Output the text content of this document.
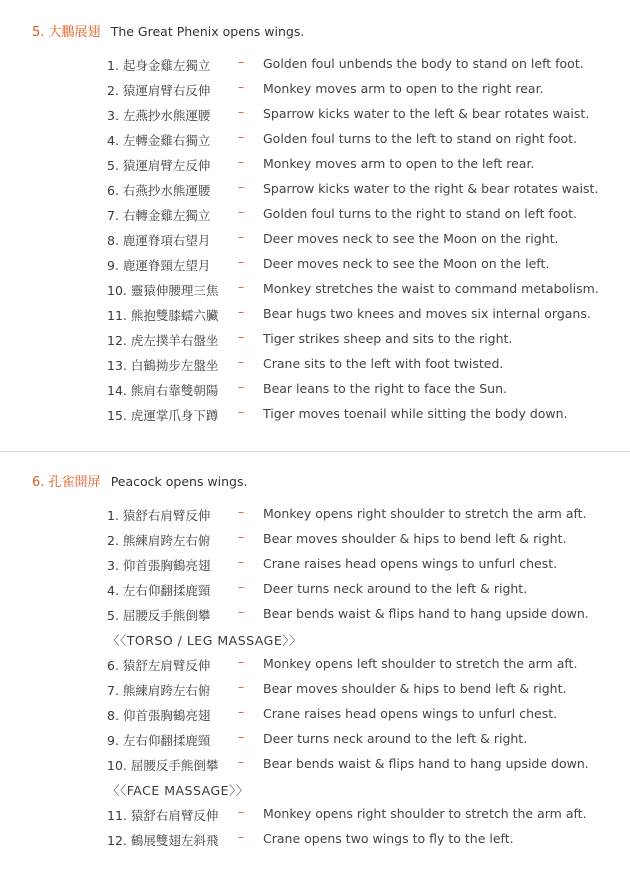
5. 大鵬展翅 The Great Phenix opens wings.
1. 起身金雞左獨立 – Golden foul unbends the body to stand on left foot.
2. 猿運肩臂右反伸 – Monkey moves arm to open to the right rear.
3. 左燕抄水熊運腰 – Sparrow kicks water to the left & bear rotates waist.
4. 左轉金雞右獨立 – Golden foul turns to the left to stand on right foot.
5. 猿運肩臂左反伸 – Monkey moves arm to open to the left rear.
6. 右燕抄水熊運腰 – Sparrow kicks water to the right & bear rotates waist.
7. 右轉金雞左獨立 – Golden foul turns to the right to stand on left foot.
8. 鹿運脊項右望月 – Deer moves neck to see the Moon on the right.
9. 鹿運脊頸左望月 – Deer moves neck to see the Moon on the left.
10. 靈猿伸腰理三焦 – Monkey stretches the waist to command metabolism.
11. 熊抱雙膝蠕六臟 – Bear hugs two knees and moves six internal organs.
12. 虎左撲羊右盤坐 – Tiger strikes sheep and sits to the right.
13. 白鶴拗步左盤坐 – Crane sits to the left with foot twisted.
14. 熊肩右靠雙朝陽 – Bear leans to the right to face the Sun.
15. 虎運掌爪身下蹲 – Tiger moves toenail while sitting the body down.
6. 孔雀開屏 Peacock opens wings.
1. 猿舒右肩臂反伸 – Monkey opens right shoulder to stretch the arm aft.
2. 熊練肩跨左右俯 – Bear moves shoulder & hips to bend left & right.
3. 仰首張胸鶴亮翅 – Crane raises head opens wings to unfurl chest.
4. 左右仰翻揉鹿頸 – Deer turns neck around to the left & right.
5. 屈腰反手熊倒攀 – Bear bends waist & flips hand to hang upside down.
〈〈TORSO / LEG MASSAGE〉〉
6. 猿舒左肩臂反伸 – Monkey opens left shoulder to stretch the arm aft.
7. 熊練肩跨左右俯 – Bear moves shoulder & hips to bend left & right.
8. 仰首張胸鶴亮翅 – Crane raises head opens wings to unfurl chest.
9. 左右仰翻揉鹿頸 – Deer turns neck around to the left & right.
10. 屈腰反手熊倒攀 – Bear bends waist & flips hand to hang upside down.
〈〈FACE MASSAGE〉〉
11. 猿舒右肩臂反伸 – Monkey opens right shoulder to stretch the arm aft.
12. 鶴展雙翅左斜飛 – Crane opens two wings to fly to the left.
